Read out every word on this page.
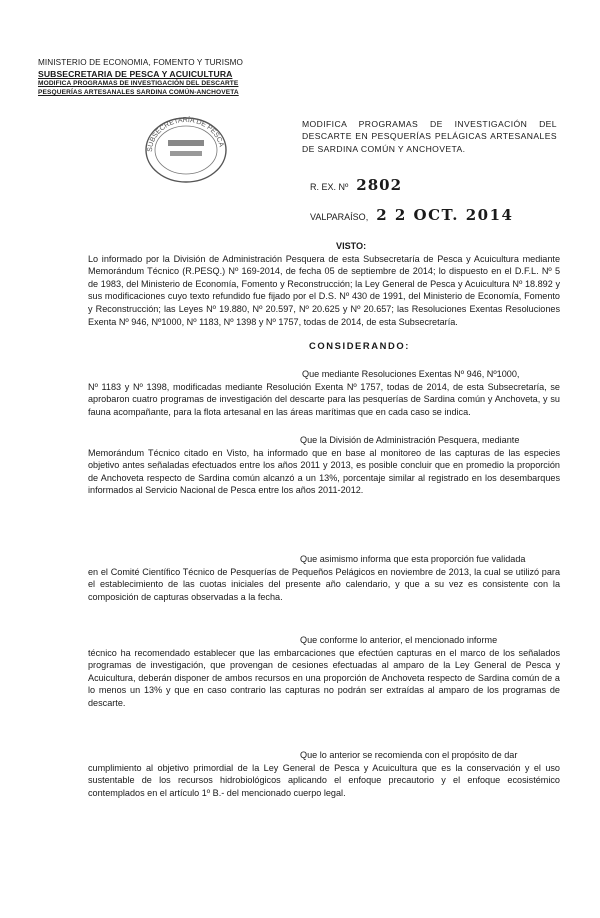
MINISTERIO DE ECONOMIA, FOMENTO Y TURISMO
SUBSECRETARIA DE PESCA Y ACUICULTURA
MODIFICA PROGRAMAS DE INVESTIGACIÓN DEL DESCARTE
PESQUERÍAS ARTESANALES SARDINA COMÚN-ANCHOVETA
SUBSECRETARÍA DE PESCA
MODIFICA PROGRAMAS DE INVESTIGACIÓN DEL DESCARTE EN PESQUERÍAS PELÁGICAS ARTESANALES DE SARDINA COMÚN Y ANCHOVETA.
R. EX. Nº 2802
VALPARAÍSO, 2 2 OCT. 2014
VISTO:
Lo informado por la División de Administración Pesquera de esta Subsecretaría de Pesca y Acuicultura mediante Memorándum Técnico (R.PESQ.) Nº 169-2014, de fecha 05 de septiembre de 2014; lo dispuesto en el D.F.L. Nº 5 de 1983, del Ministerio de Economía, Fomento y Reconstrucción; la Ley General de Pesca y Acuicultura Nº 18.892 y sus modificaciones cuyo texto refundido fue fijado por el D.S. Nº 430 de 1991, del Ministerio de Economía, Fomento y Reconstrucción; las Leyes Nº 19.880, Nº 20.597, Nº 20.625 y Nº 20.657; las Resoluciones Exentas Resoluciones Exenta Nº 946, Nº1000, Nº 1183, Nº 1398 y Nº 1757, todas de 2014, de esta Subsecretaría.
CONSIDERANDO:
Que mediante Resoluciones Exentas Nº 946, Nº1000,
Nº 1183 y Nº 1398, modificadas mediante Resolución Exenta Nº 1757, todas de 2014, de esta Subsecretaría, se aprobaron cuatro programas de investigación del descarte para las pesquerías de Sardina común y Anchoveta, y su fauna acompañante, para la flota artesanal en las áreas marítimas que en cada caso se indica.
Que la División de Administración Pesquera, mediante
Memorándum Técnico citado en Visto, ha informado que en base al monitoreo de las capturas de las especies objetivo antes señaladas efectuados entre los años 2011 y 2013, es posible concluir que en promedio la proporción de Anchoveta respecto de Sardina común alcanzó a un 13%, porcentaje similar al registrado en los desembarques informados al Servicio Nacional de Pesca entre los años 2011-2012.
Que asimismo informa que esta proporción fue validada
en el Comité Científico Técnico de Pesquerías de Pequeños Pelágicos en noviembre de 2013, la cual se utilizó para el establecimiento de las cuotas iniciales del presente año calendario, y que a su vez es consistente con la composición de capturas observadas a la fecha.
Que conforme lo anterior, el mencionado informe
técnico ha recomendado establecer que las embarcaciones que efectúen capturas en el marco de los señalados programas de investigación, que provengan de cesiones efectuadas al amparo de la Ley General de Pesca y Acuicultura, deberán disponer de ambos recursos en una proporción de Anchoveta respecto de Sardina común de a lo menos un 13% y que en caso contrario las capturas no podrán ser extraídas al amparo de los programas de descarte.
Que lo anterior se recomienda con el propósito de dar
cumplimiento al objetivo primordial de la Ley General de Pesca y Acuicultura que es la conservación y el uso sustentable de los recursos hidrobiológicos aplicando el enfoque precautorio y el enfoque ecosistémico contemplados en el artículo 1º B.- del mencionado cuerpo legal.
